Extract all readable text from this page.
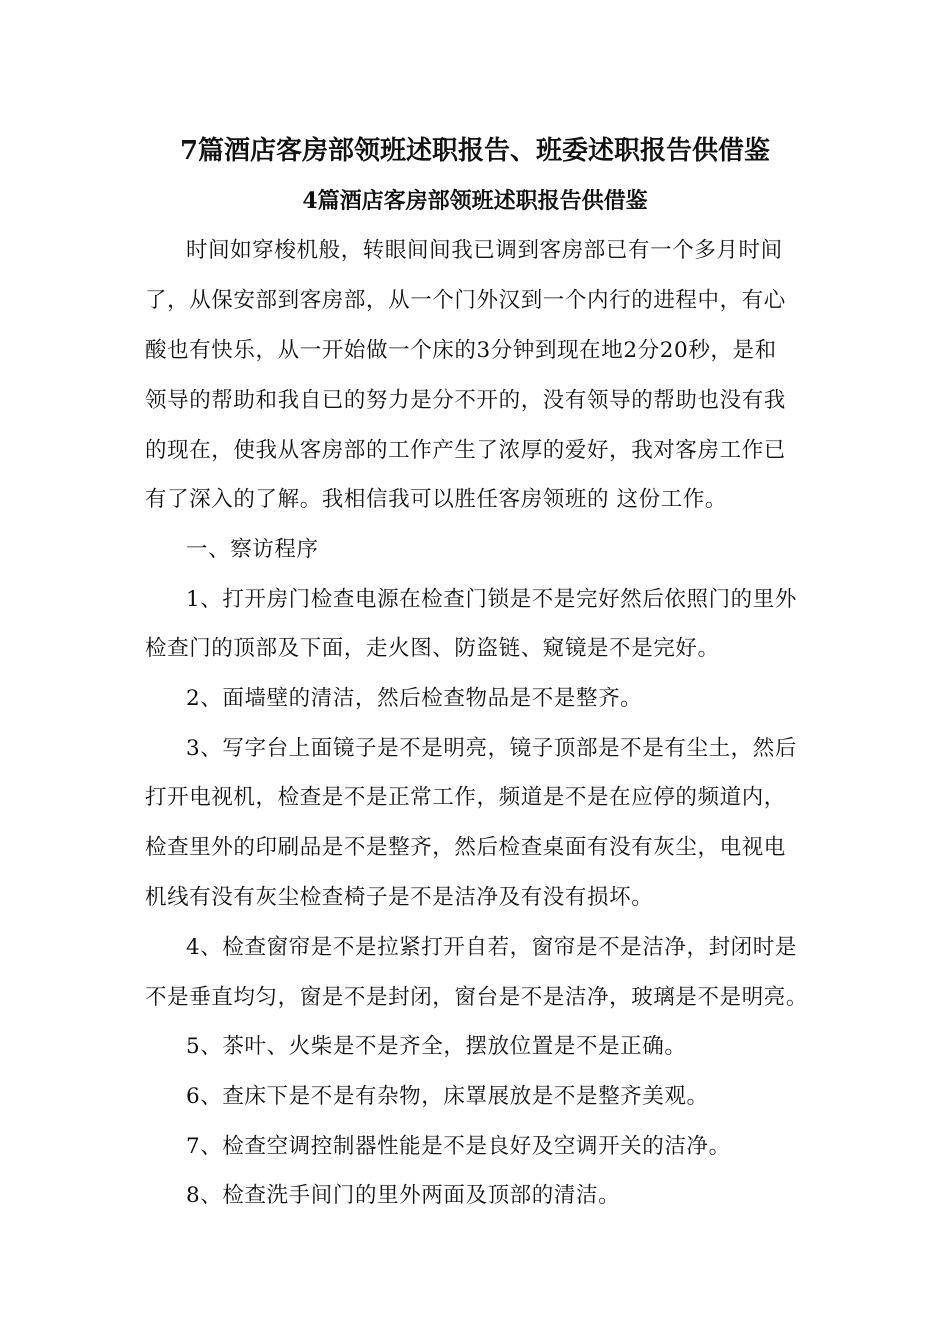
7篇酒店客房部领班述职报告、班委述职报告供借鉴
4篇酒店客房部领班述职报告供借鉴
时间如穿梭机般，转眼间间我已调到客房部已有一个多月时间
了，从保安部到客房部，从一个门外汉到一个内行的进程中，有心
酸也有快乐，从一开始做一个床的3分钟到现在地2分20秒，是和
领导的帮助和我自已的努力是分不开的，没有领导的帮助也没有我
的现在，使我从客房部的工作产生了浓厚的爱好，我对客房工作已
有了深入的了解。我相信我可以胜任客房领班的 这份工作。
一、察访程序
1、打开房门检查电源在检查门锁是不是完好然后依照门的里外
检查门的顶部及下面，走火图、防盗链、窥镜是不是完好。
2、面墙壁的清洁，然后检查物品是不是整齐。
3、写字台上面镜子是不是明亮，镜子顶部是不是有尘土，然后
打开电视机，检查是不是正常工作，频道是不是在应停的频道内，
检查里外的印刷品是不是整齐，然后检查桌面有没有灰尘，电视电
机线有没有灰尘检查椅子是不是洁净及有没有损坏。
4、检查窗帘是不是拉紧打开自若，窗帘是不是洁净，封闭时是
不是垂直均匀，窗是不是封闭，窗台是不是洁净，玻璃是不是明亮。
5、茶叶、火柴是不是齐全，摆放位置是不是正确。
6、查床下是不是有杂物，床罩展放是不是整齐美观。
7、检查空调控制器性能是不是良好及空调开关的洁净。
8、检查洗手间门的里外两面及顶部的清洁。
